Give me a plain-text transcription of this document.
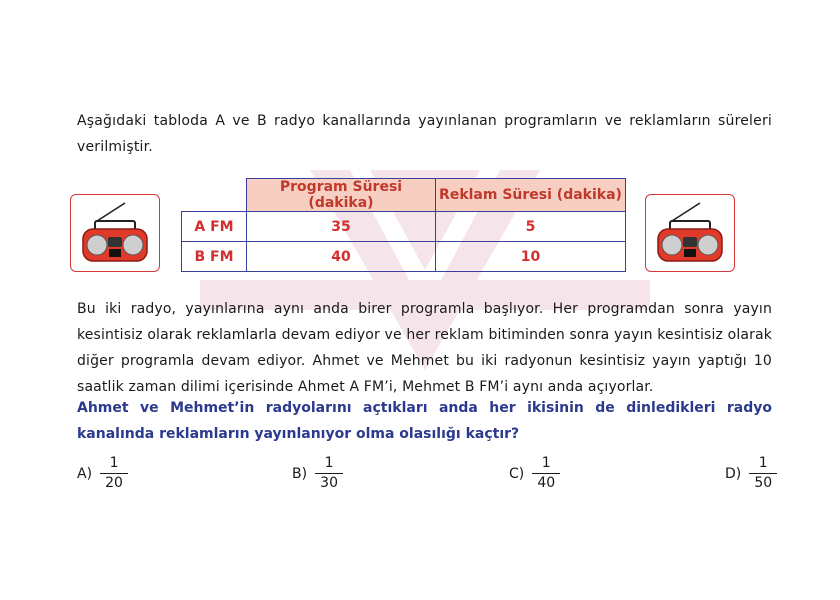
Aşağıdaki tabloda A ve B radyo kanallarında yayınlanan programların ve reklamların süreleri verilmiştir.
	Program Süresi (dakika)	Reklam Süresi (dakika)
A FM	35	5
B FM	40	10
Bu iki radyo, yayınlarına aynı anda birer programla başlıyor. Her programdan sonra yayın kesintisiz olarak reklamlarla devam ediyor ve her reklam bitiminden sonra yayın kesintisiz olarak diğer programla devam ediyor. Ahmet ve Mehmet bu iki radyonun kesintisiz yayın yaptığı 10 saatlik zaman dilimi içerisinde Ahmet A FM’i, Mehmet B FM’i aynı anda açıyorlar.
Ahmet ve Mehmet’in radyolarını açtıkları anda her ikisinin de dinledikleri radyo kanalında reklamların yayınlanıyor olma olasılığı kaçtır?
$A) \frac{1}{20}$	$B) \frac{1}{30}$	$C) \frac{1}{40}$	$D) \frac{1}{50}$
